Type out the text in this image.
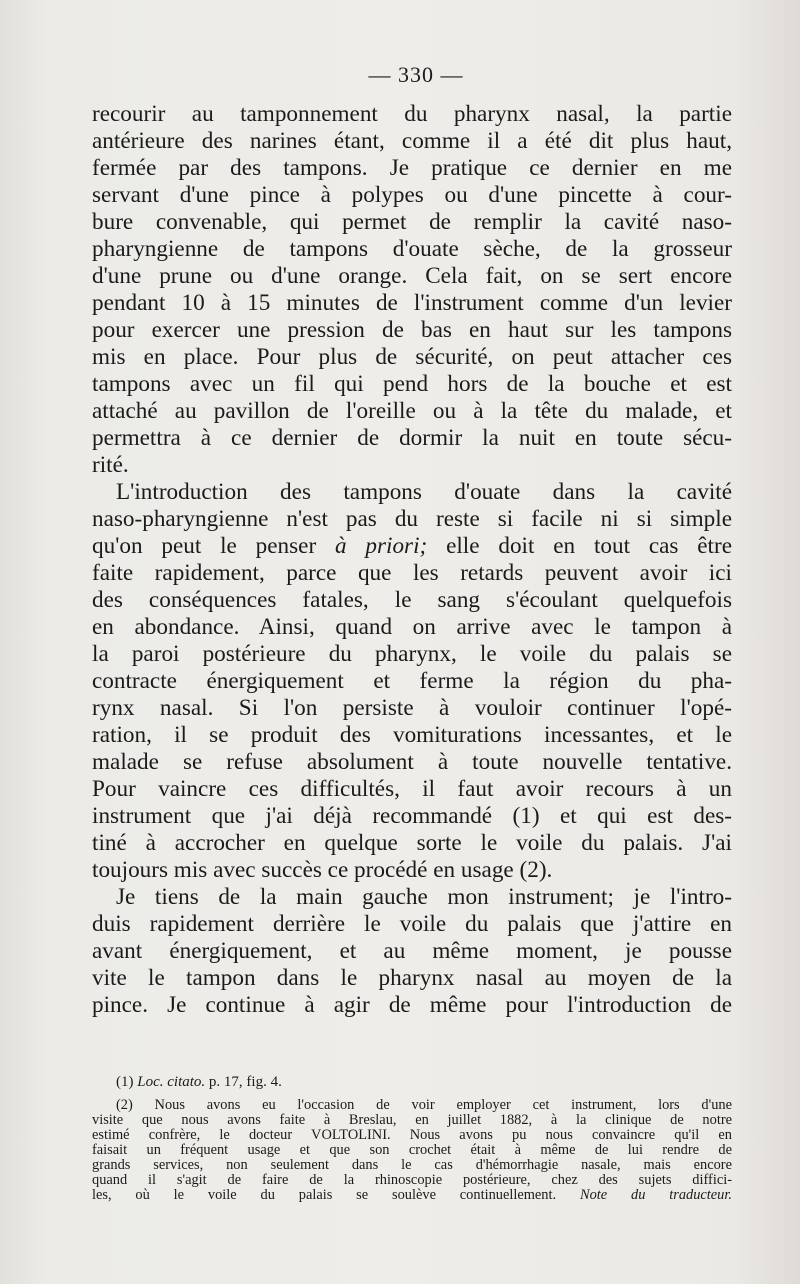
— 330 —
recourir au tamponnement du pharynx nasal, la partie
antérieure des narines étant, comme il a été dit plus haut,
fermée par des tampons. Je pratique ce dernier en me
servant d'une pince à polypes ou d'une pincette à cour-
bure convenable, qui permet de remplir la cavité naso-
pharyngienne de tampons d'ouate sèche, de la grosseur
d'une prune ou d'une orange. Cela fait, on se sert encore
pendant 10 à 15 minutes de l'instrument comme d'un levier
pour exercer une pression de bas en haut sur les tampons
mis en place. Pour plus de sécurité, on peut attacher ces
tampons avec un fil qui pend hors de la bouche et est
attaché au pavillon de l'oreille ou à la tête du malade, et
permettra à ce dernier de dormir la nuit en toute sécu-
rité.
L'introduction des tampons d'ouate dans la cavité
naso-pharyngienne n'est pas du reste si facile ni si simple
qu'on peut le penser à priori; elle doit en tout cas être
faite rapidement, parce que les retards peuvent avoir ici
des conséquences fatales, le sang s'écoulant quelquefois
en abondance. Ainsi, quand on arrive avec le tampon à
la paroi postérieure du pharynx, le voile du palais se
contracte énergiquement et ferme la région du pha-
rynx nasal. Si l'on persiste à vouloir continuer l'opé-
ration, il se produit des vomiturations incessantes, et le
malade se refuse absolument à toute nouvelle tentative.
Pour vaincre ces difficultés, il faut avoir recours à un
instrument que j'ai déjà recommandé (1) et qui est des-
tiné à accrocher en quelque sorte le voile du palais. J'ai
toujours mis avec succès ce procédé en usage (2).
Je tiens de la main gauche mon instrument; je l'intro-
duis rapidement derrière le voile du palais que j'attire en
avant énergiquement, et au même moment, je pousse
vite le tampon dans le pharynx nasal au moyen de la
pince. Je continue à agir de même pour l'introduction de
(1) Loc. citato. p. 17, fig. 4.
(2) Nous avons eu l'occasion de voir employer cet instrument, lors d'une
visite que nous avons faite à Breslau, en juillet 1882, à la clinique de notre
estimé confrère, le docteur VOLTOLINI. Nous avons pu nous convaincre qu'il en
faisait un fréquent usage et que son crochet était à même de lui rendre de
grands services, non seulement dans le cas d'hémorrhagie nasale, mais encore
quand il s'agit de faire de la rhinoscopie postérieure, chez des sujets diffici-
les, où le voile du palais se soulève continuellement. Note du traducteur.
